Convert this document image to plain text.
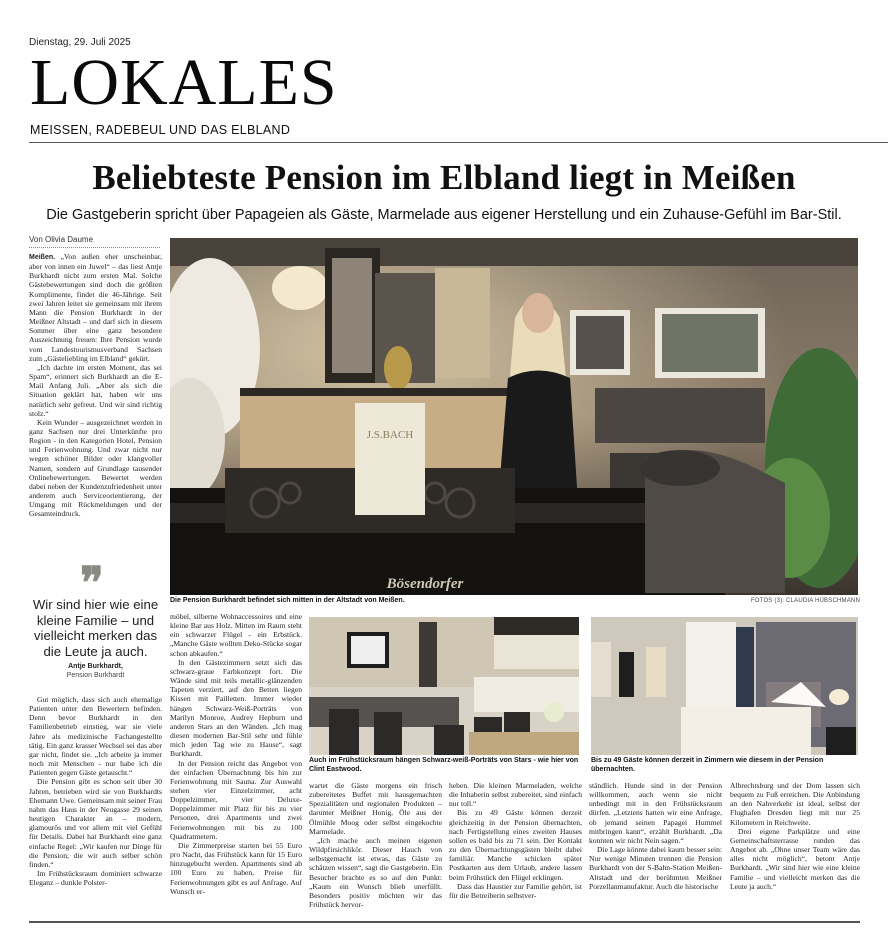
Dienstag, 29. Juli 2025
LOKALES
MEISSEN, RADEBEUL UND DAS ELBLAND
Beliebteste Pension im Elbland liegt in Meißen
Die Gastgeberin spricht über Papageien als Gäste, Marmelade aus eigener Herstellung und ein Zuhause-Gefühl im Bar-Stil.
Von Olivia Daume

Meißen. „Von außen eher unscheinbar, aber von innen ein Juwel“ – das liest Antje Burkhardt nicht zum ersten Mal. Solche Gästebewertungen sind doch die größten Komplimente, findet die 46-Jährige. Seit zwei Jahren leitet sie gemeinsam mit ihrem Mann die Pension Burkhardt in der Meißner Altstadt – und darf sich in diesem Sommer über eine ganz besondere Auszeichnung freuen: Ihre Pension wurde vom Landestourismusverband Sachsen zum „Gästeliebling im Elbland“ gekürt.

„Ich dachte im ersten Moment, das sei Spam“, erinnert sich Burkhardt an die E-Mail Anfang Juli. „Aber als sich die Situation geklärt hat, haben wir uns natürlich sehr gefreut. Und wir sind richtig stolz.“

Kein Wunder – ausgezeichnet werden in ganz Sachsen nur drei Unterkünfte pro Region - in den Kategorien Hotel, Pension und Ferienwohnung. Und zwar nicht nur wegen schöner Bilder oder klangvoller Namen, sondern auf Grundlage tausender Onlinebewertungen. Bewertet werden dabei neben der Kundenzufriedenheit unter anderem auch Serviceorientierung, der Umgang mit Rückmeldungen und der Gesamteindruck.

❞
Wir sind hier wie eine kleine Familie – und vielleicht merken das die Leute ja auch.
Antje Burkhardt,
Pension Burkhardt

Gut möglich, dass sich auch ehemalige Patienten unter den Bewertern befinden. Denn bevor Burkhardt in den Familienbetrieb einstieg, war sie viele Jahre als medizinische Fachangestellte tätig. Ein ganz krasser Wechsel sei das aber gar nicht, findet sie. „Ich arbeite ja immer noch mit Menschen - nur habe ich die Patienten gegen Gäste getauscht.“

Die Pension gibt es schon seit über 30 Jahren, betrieben wird sie von Burkhardts Ehemann Uwe. Gemeinsam mit seiner Frau nahm das Haus in der Neugasse 29 seinen heutigen Charakter an – modern, glamourös und vor allem mit viel Gefühl für Details. Dabei hat Burkhardt eine ganz einfache Regel: „Wir kaufen nur Dinge für die Pension, die wir auch selber schön finden.“

Im Frühstücksraum dominiert schwarze Eleganz – dunkle Polster-

J.S.BACH
Bösendorfer
Die Pension Burkhardt befindet sich mitten in der Altstadt von Meißen.	FOTOS (3): CLAUDIA HÜBSCHMANN

möbel, silberne Wohnaccessoires und eine kleine Bar aus Holz. Mitten im Raum steht ein schwarzer Flügel - ein Erbstück. „Manche Gäste wollten Deko-Stücke sogar schon abkaufen.“

In den Gästezimmern setzt sich das schwarz-graue Farbkonzept fort. Die Wände sind mit teils metallic-glänzenden Tapeten verziert, auf den Betten liegen Kissen mit Pailletten. Immer wieder hängen Schwarz-Weiß-Porträts von Marilyn Monroe, Audrey Hepburn und anderen Stars an den Wänden. „Ich mag diesen modernen Bar-Stil sehr und fühle mich jeden Tag wie zu Hause“, sagt Burkhardt.

In der Pension reicht das Angebot von der einfachen Übernachtung bis hin zur Ferienwohnung mit Sauna. Zur Auswahl stehen vier Einzelzimmer, acht Doppelzimmer, vier Deluxe-Doppelzimmer mit Platz für bis zu vier Personen, drei Apartments und zwei Ferienwohnungen mit bis zu 100 Quadratmetern.

Die Zimmerpreise starten bei 55 Euro pro Nacht, das Frühstück kann für 15 Euro hinzugebucht werden. Apartments sind ab 100 Euro zu haben, Preise für Ferienwohnungen gibt es auf Anfrage. Auf Wunsch er-

Auch im Frühstücksraum hängen Schwarz-weiß-Porträts von Stars - wie hier von Clint Eastwood.
Bis zu 49 Gäste können derzeit in Zimmern wie diesem in der Pension übernachten.

wartet die Gäste morgens ein frisch zubereitetes Buffet mit hausgemachten Spezialitäten und regionalen Produkten – darunter Meißner Honig, Öle aus der Ölmühle Moog oder selbst eingekochte Marmelade.

„Ich mache auch meinen eigenen Wildpfirsichlikör. Dieser Hauch von selbstgemacht ist etwas, das Gäste zu schätzen wissen“, sagt die Gastgeberin. Ein Besucher brachte es so auf den Punkt: „Kaum ein Wunsch blieb unerfüllt. Besonders positiv möchten wir das Frühstück hervor-

heben. Die kleinen Marmeladen, welche die Inhaberin selbst zubereitet, sind einfach nur toll.“

Bis zu 49 Gäste können derzeit gleichzeitig in der Pension übernachten, nach Fertigstellung eines zweiten Hauses sollen es bald bis zu 71 sein. Der Kontakt zu den Übernachtungsgästen bleibt dabei familiär. Manche schicken später Postkarten aus dem Urlaub, andere lassen beim Frühstück den Flügel erklingen.

Dass das Haustier zur Familie gehört, ist für die Betreiberin selbstver-

ständlich. Hunde sind in der Pension willkommen, auch wenn sie nicht unbedingt mit in den Frühstücksraum dürfen. „Letztens hatten wir eine Anfrage, ob jemand seinen Papagei Hummel mitbringen kann“, erzählt Burkhardt. „Da konnten wir nicht Nein sagen.“

Die Lage könnte dabei kaum besser sein: Nur wenige Minuten trennen die Pension Burkhardt von der S-Bahn-Station Meißen-Altstadt und der berühmten Meißner Porzellanmanufaktur. Auch die historische

Albrechtsburg und der Dom lassen sich bequem zu Fuß erreichen. Die Anbindung an den Nahverkehr ist ideal, selbst der Flughafen Dresden liegt mit nur 25 Kilometern in Reichweite.

Drei eigene Parkplätze und eine Gemeinschaftsterrasse runden das Angebot ab. „Ohne unser Team wäre das alles nicht möglich“, betont Antje Burkhardt. „Wir sind hier wie eine kleine Familie – und vielleicht merken das die Leute ja auch.“
